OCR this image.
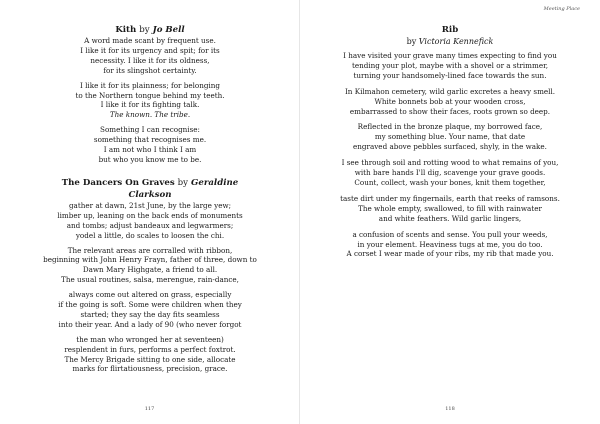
Kith by Jo Bell
A word made scant by frequent use.
I like it for its urgency and spit; for its
necessity. I like it for its oldness,
for its slingshot certainty.
I like it for its plainness; for belonging
to the Northern tongue behind my teeth.
I like it for its fighting talk.
The known. The tribe.
Something I can recognise:
something that recognises me.
I am not who I think I am
but who you know me to be.
The Dancers On Graves by Geraldine Clarkson
gather at dawn, 21st June, by the large yew;
limber up, leaning on the back ends of monuments
and tombs; adjust bandeaux and legwarmers;
yodel a little, do scales to loosen the chi.
The relevant areas are corralled with ribbon,
beginning with John Henry Frayn, father of three, down to
Dawn Mary Highgate, a friend to all.
The usual routines, salsa, merengue, rain-dance,
always come out altered on grass, especially
if the going is soft. Some were children when they
started; they say the day fits seamless
into their year. And a lady of 90 (who never forgot
the man who wronged her at seventeen)
resplendent in furs, performs a perfect foxtrot.
The Mercy Brigade sitting to one side, allocate
marks for flirtatiousness, precision, grace.
117
Meeting Place
Rib
by Victoria Kennefick
I have visited your grave many times expecting to find you
tending your plot, maybe with a shovel or a strimmer,
turning your handsomely-lined face towards the sun.
In Kilmahon cemetery, wild garlic excretes a heavy smell.
White bonnets bob at your wooden cross,
embarrassed to show their faces, roots grown so deep.
Reflected in the bronze plaque, my borrowed face,
my something blue. Your name, that date
engraved above pebbles surfaced, shyly, in the wake.
I see through soil and rotting wood to what remains of you,
with bare hands I'll dig, scavenge your grave goods.
Count, collect, wash your bones, knit them together,
taste dirt under my fingernails, earth that reeks of ramsons.
The whole empty, swallowed, to fill with rainwater
and white feathers. Wild garlic lingers,
a confusion of scents and sense. You pull your weeds,
in your element. Heaviness tugs at me, you do too.
A corset I wear made of your ribs, my rib that made you.
118
